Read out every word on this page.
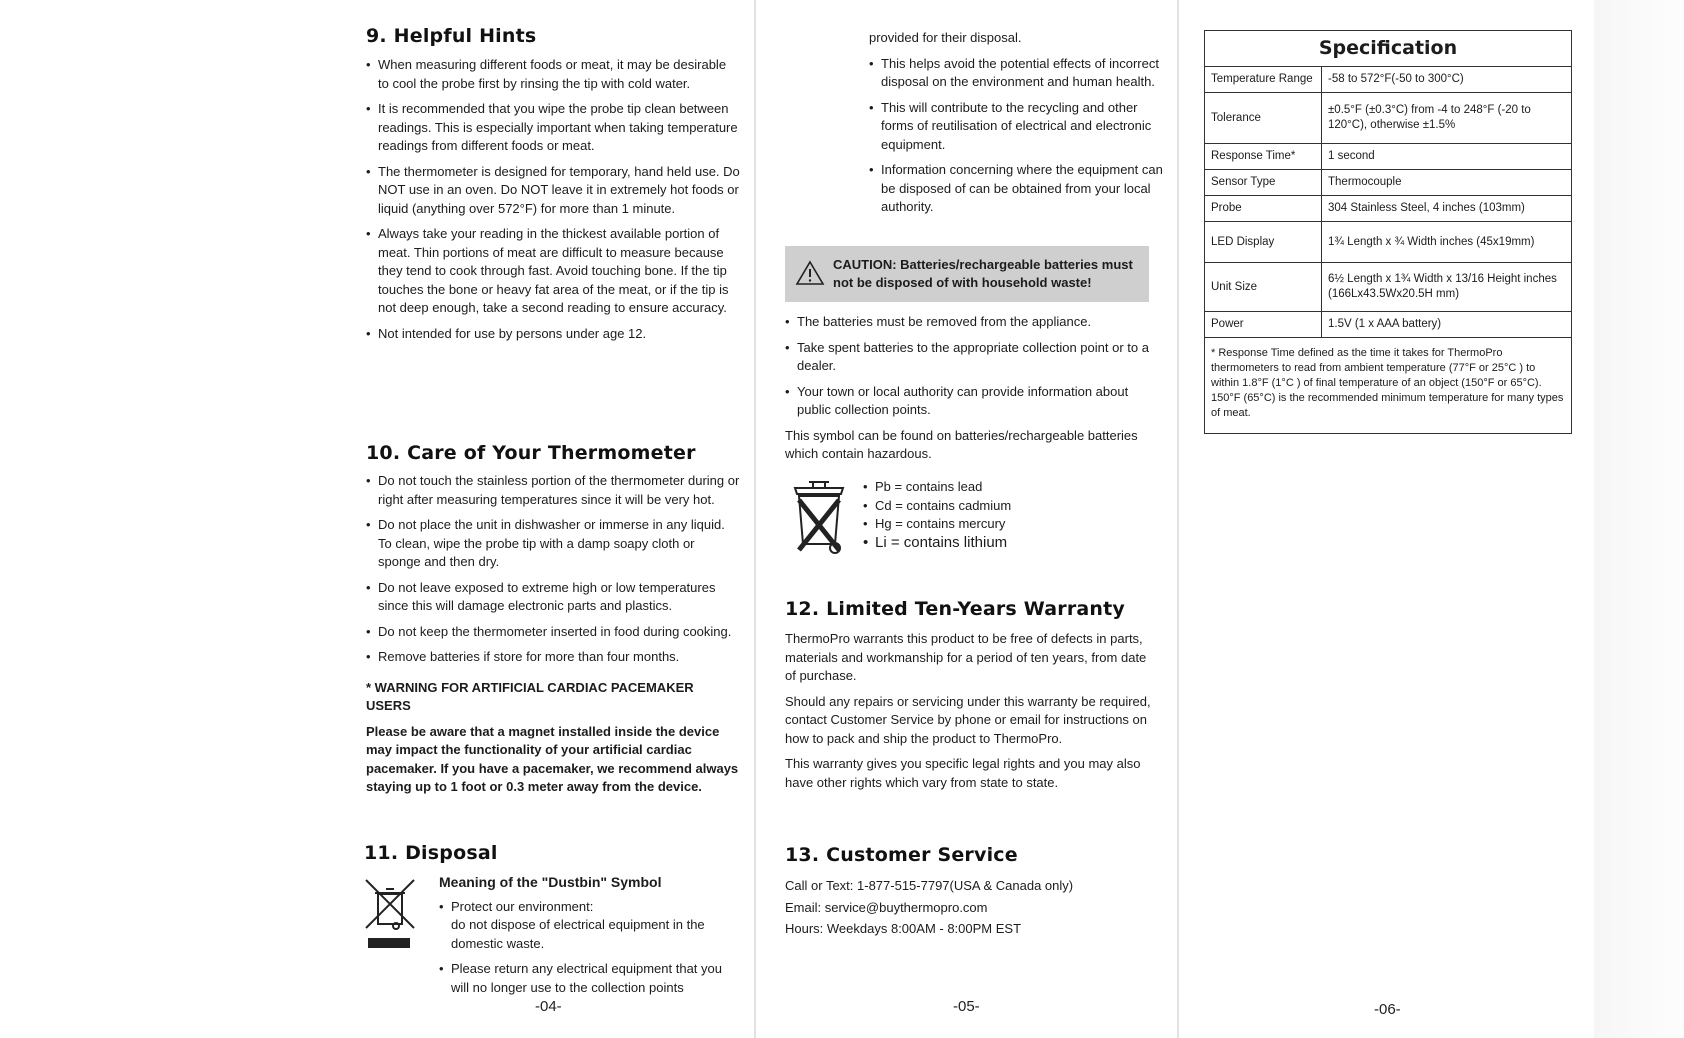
9. Helpful Hints
• When measuring different foods or meat, it may be desirable to cool the probe first by rinsing the tip with cold water.
• It is recommended that you wipe the probe tip clean between readings. This is especially important when taking temperature readings from different foods or meat.
• The thermometer is designed for temporary, hand held use. Do NOT use in an oven. Do NOT leave it in extremely hot foods or liquid (anything over 572°F) for more than 1 minute.
• Always take your reading in the thickest available portion of meat. Thin portions of meat are difficult to measure because they tend to cook through fast. Avoid touching bone. If the tip touches the bone or heavy fat area of the meat, or if the tip is not deep enough, take a second reading to ensure accuracy.
• Not intended for use by persons under age 12.
10. Care of Your Thermometer
• Do not touch the stainless portion of the thermometer during or right after measuring temperatures since it will be very hot.
• Do not place the unit in dishwasher or immerse in any liquid. To clean, wipe the probe tip with a damp soapy cloth or sponge and then dry.
• Do not leave exposed to extreme high or low temperatures since this will damage electronic parts and plastics.
• Do not keep the thermometer inserted in food during cooking.
• Remove batteries if store for more than four months.

* WARNING FOR ARTIFICIAL CARDIAC PACEMAKER USERS

Please be aware that a magnet installed inside the device may impact the functionality of your artificial cardiac pacemaker. If you have a pacemaker, we recommend always staying up to 1 foot or 0.3 meter away from the device.

11. Disposal

Meaning of the "Dustbin" Symbol

• Protect our environment:
do not dispose of electrical equipment in the domestic waste.
• Please return any electrical equipment that you will no longer use to the collection points
-04-

provided for their disposal.

• This helps avoid the potential effects of incorrect disposal on the environment and human health.
• This will contribute to the recycling and other forms of reutilisation of electrical and electronic equipment.
• Information concerning where the equipment can be disposed of can be obtained from your local authority.
CAUTION: Batteries/rechargeable batteries must not be disposed of with household waste!
• The batteries must be removed from the appliance.
• Take spent batteries to the appropriate collection point or to a dealer.
• Your town or local authority can provide information about public collection points.

This symbol can be found on batteries/rechargeable batteries which contain hazardous.

• Pb = contains lead
• Cd = contains cadmium
• Hg = contains mercury
• Li = contains lithium
12. Limited Ten-Years Warranty

ThermoPro warrants this product to be free of defects in parts, materials and workmanship for a period of ten years, from date of purchase.

Should any repairs or servicing under this warranty be required, contact Customer Service by phone or email for instructions on how to pack and ship the product to ThermoPro.

This warranty gives you specific legal rights and you may also have other rights which vary from state to state.

13. Customer Service
Call or Text: 1-877-515-7797(USA & Canada only)
Email: service@buythermopro.com
Hours: Weekdays 8:00AM - 8:00PM EST
-05-
Specification	
Temperature Range	-58 to 572°F(-50 to 300°C)
Tolerance	±0.5°F (±0.3°C) from -4 to 248°F (-20 to 120°C), otherwise ±1.5%
Response Time*	1 second
Sensor Type	Thermocouple
Probe	304 Stainless Steel, 4 inches (103mm)
LED Display	1¾ Length x ¾ Width inches (45x19mm)
Unit Size	6½ Length x 1¾ Width x 13/16 Height inches (166Lx43.5Wx20.5H mm)
Power	1.5V (1 x AAA battery)
* Response Time defined as the time it takes for ThermoPro thermometers to read from ambient temperature (77°F or 25°C ) to within 1.8°F (1°C ) of final temperature of an object (150°F or 65°C). 150°F (65°C) is the recommended minimum temperature for many types of meat.	
-06-
